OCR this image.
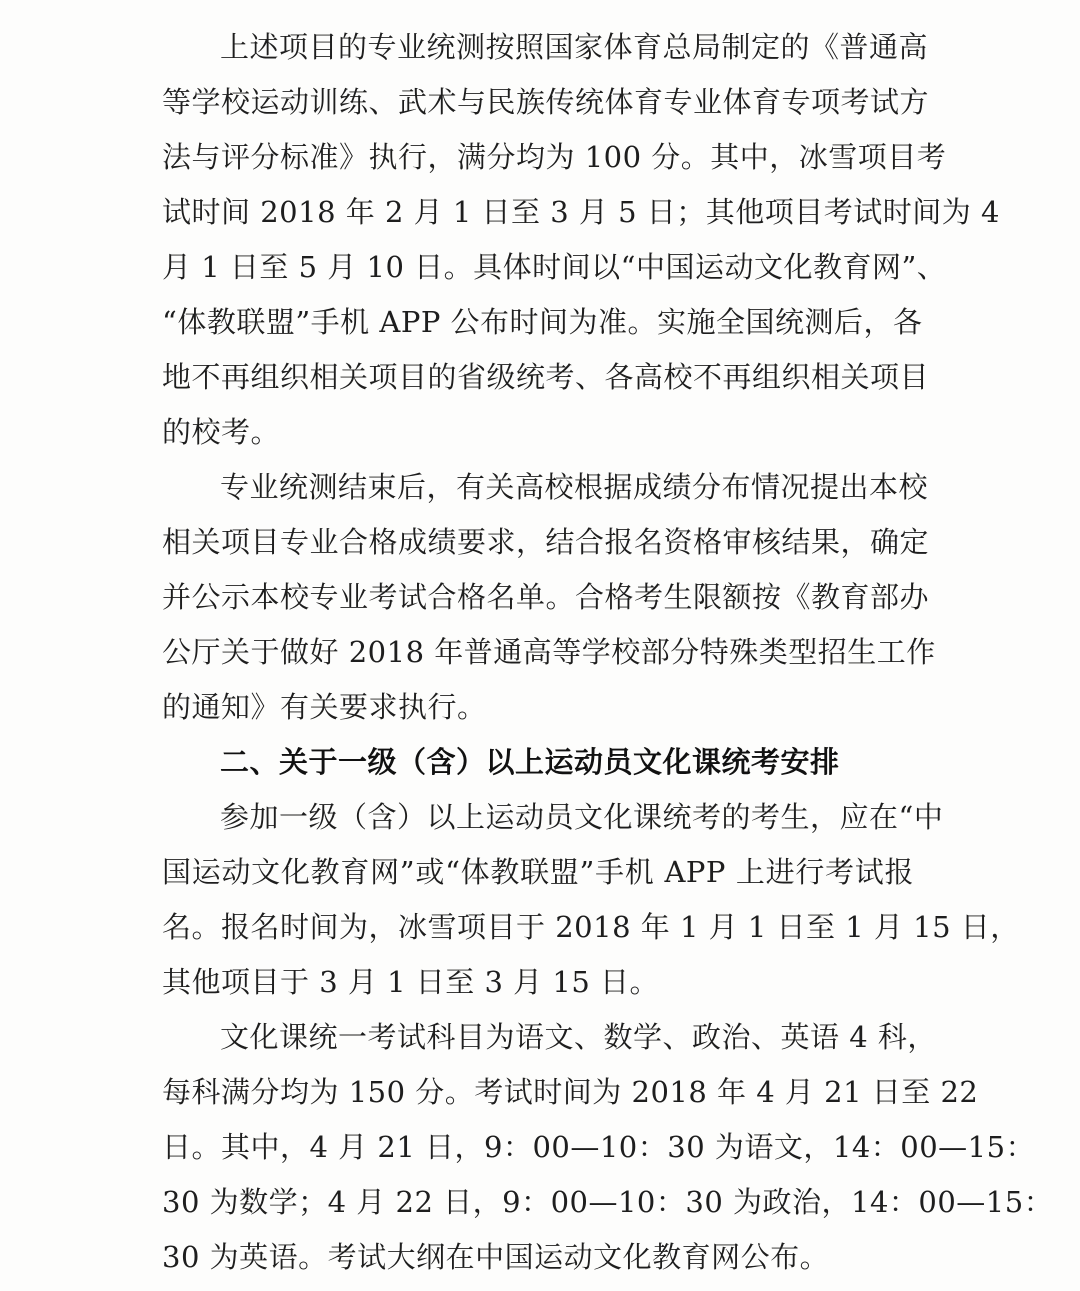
上述项目的专业统测按照国家体育总局制定的《普通高
等学校运动训练、武术与民族传统体育专业体育专项考试方
法与评分标准》执行，满分均为 100 分。其中，冰雪项目考
试时间 2018 年 2 月 1 日至 3 月 5 日；其他项目考试时间为 4
月 1 日至 5 月 10 日。具体时间以“中国运动文化教育网”、
“体教联盟”手机 APP 公布时间为准。实施全国统测后，各
地不再组织相关项目的省级统考、各高校不再组织相关项目
的校考。
专业统测结束后，有关高校根据成绩分布情况提出本校
相关项目专业合格成绩要求，结合报名资格审核结果，确定
并公示本校专业考试合格名单。合格考生限额按《教育部办
公厅关于做好 2018 年普通高等学校部分特殊类型招生工作
的通知》有关要求执行。
二、关于一级（含）以上运动员文化课统考安排
参加一级（含）以上运动员文化课统考的考生，应在“中
国运动文化教育网”或“体教联盟”手机 APP 上进行考试报
名。报名时间为，冰雪项目于 2018 年 1 月 1 日至 1 月 15 日，
其他项目于 3 月 1 日至 3 月 15 日。
文化课统一考试科目为语文、数学、政治、英语 4 科，
每科满分均为 150 分。考试时间为 2018 年 4 月 21 日至 22
日。其中，4 月 21 日，9：00—10：30 为语文，14：00—15：
30 为数学；4 月 22 日，9：00—10：30 为政治，14：00—15：
30 为英语。考试大纲在中国运动文化教育网公布。
